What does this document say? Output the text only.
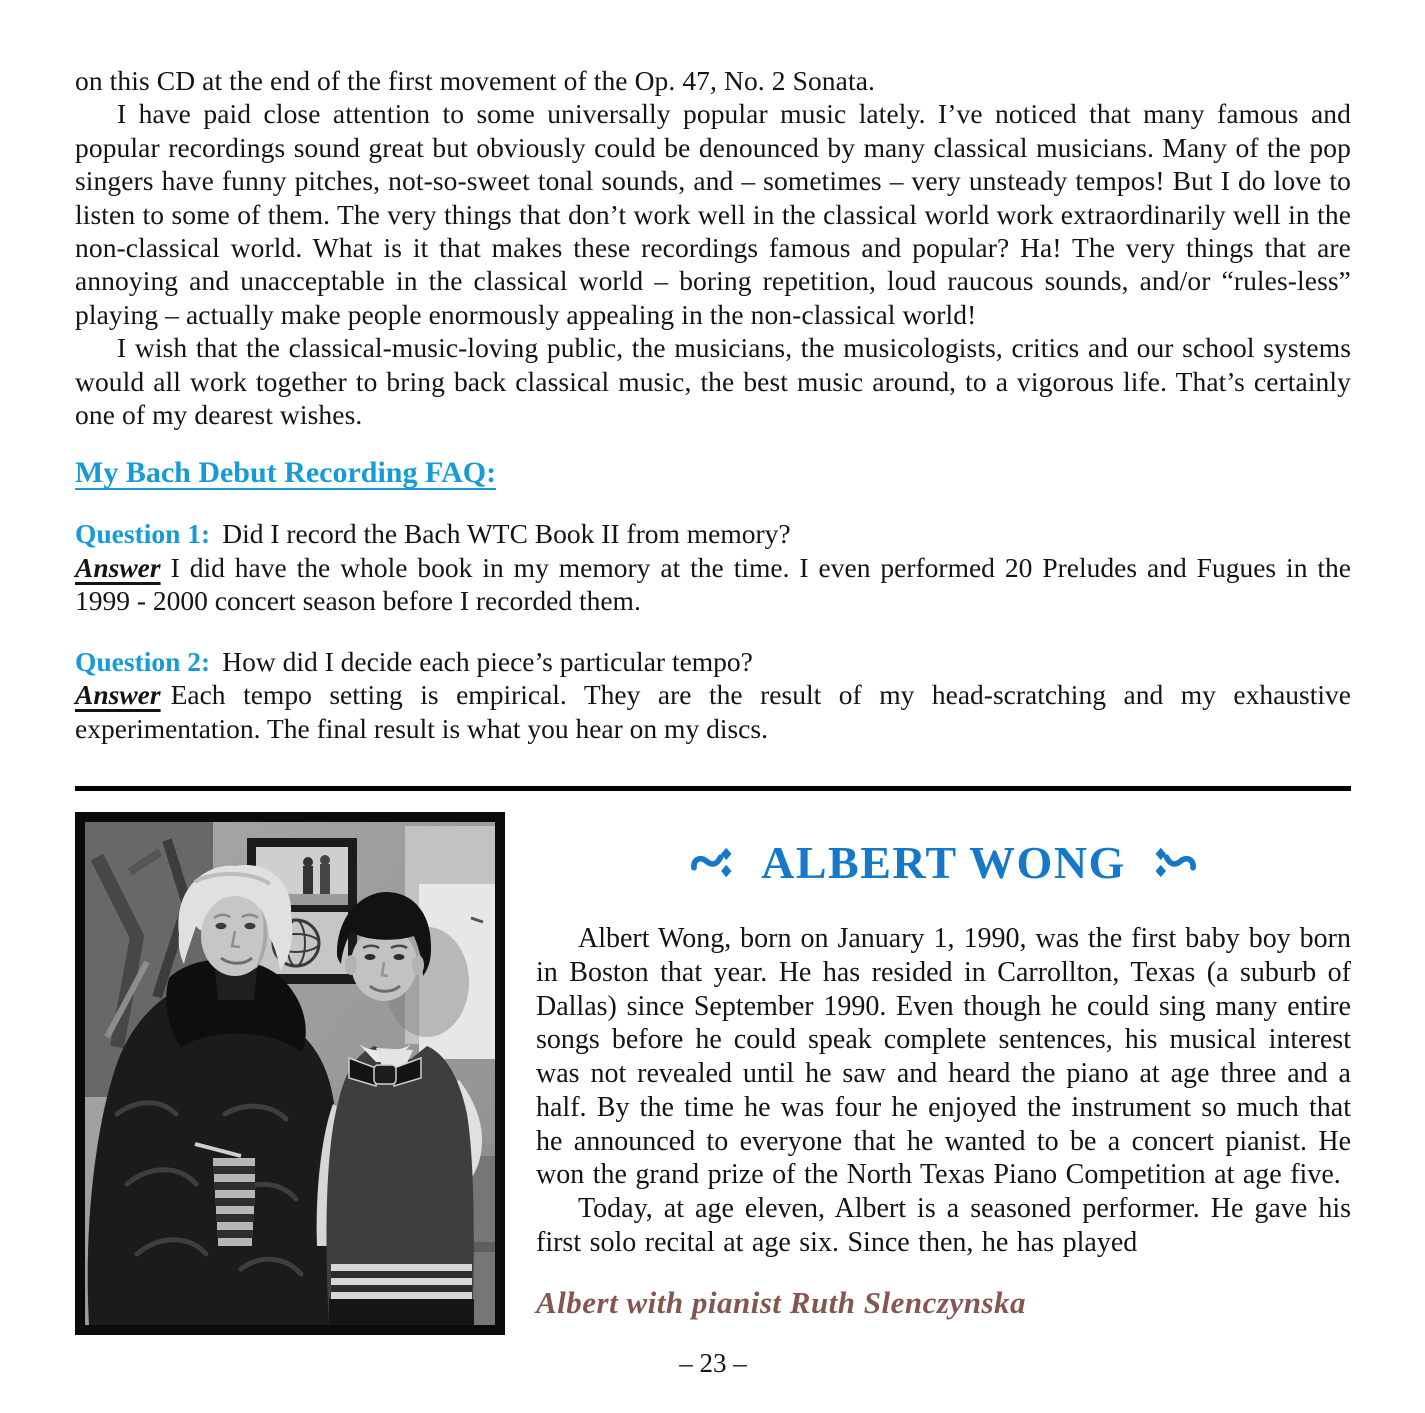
on this CD at the end of the first movement of the Op. 47, No. 2 Sonata.

I have paid close attention to some universally popular music lately. I’ve noticed that many famous and popular recordings sound great but obviously could be denounced by many classical musicians. Many of the pop singers have funny pitches, not-so-sweet tonal sounds, and – sometimes – very unsteady tempos! But I do love to listen to some of them. The very things that don’t work well in the classical world work extraordinarily well in the non-classical world. What is it that makes these recordings famous and popular? Ha! The very things that are annoying and unacceptable in the classical world – boring repetition, loud raucous sounds, and/or “rules-less” playing – actually make people enormously appealing in the non-classical world!

I wish that the classical-music-loving public, the musicians, the musicologists, critics and our school systems would all work together to bring back classical music, the best music around, to a vigorous life. That’s certainly one of my dearest wishes.

My Bach Debut Recording FAQ:

Question 1: Did I record the Bach WTC Book II from memory?

Answer I did have the whole book in my memory at the time. I even performed 20 Preludes and Fugues in the 1999 - 2000 concert season before I recorded them.

Question 2: How did I decide each piece’s particular tempo?

Answer Each tempo setting is empirical. They are the result of my head-scratching and my exhaustive experimentation. The final result is what you hear on my discs.

ALBERT WONG

Albert Wong, born on January 1, 1990, was the first baby boy born in Boston that year. He has resided in Carrollton, Texas (a suburb of Dallas) since September 1990. Even though he could sing many entire songs before he could speak complete sentences, his musical interest was not revealed until he saw and heard the piano at age three and a half. By the time he was four he enjoyed the instrument so much that he announced to everyone that he wanted to be a concert pianist. He won the grand prize of the North Texas Piano Competition at age five.

Today, at age eleven, Albert is a seasoned performer. He gave his first solo recital at age six. Since then, he has played

Albert with pianist Ruth Slenczynska

– 23 –
